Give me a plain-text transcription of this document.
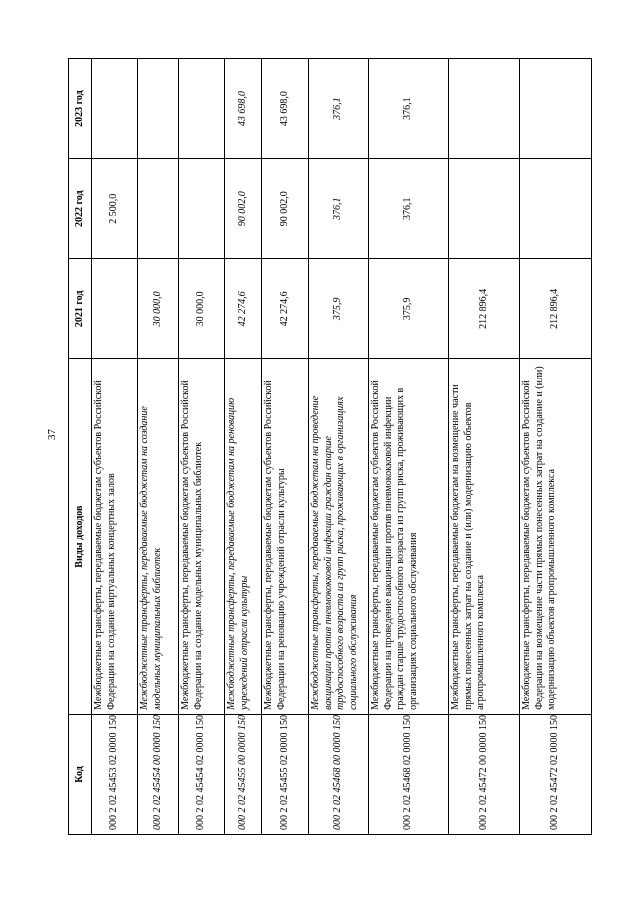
37
Код	Виды доходов	2021 год	2022 год	2023 год
000 2 02 45453 02 0000 150	Межбюджетные трансферты, передаваемые бюджетам субъектов Российской Федерации на создание виртуальных концертных залов		2 500,0	
000 2 02 45454 00 0000 150	Межбюджетные трансферты, передаваемые бюджетам на создание модельных муниципальных библиотек	30 000,0		
000 2 02 45454 02 0000 150	Межбюджетные трансферты, передаваемые бюджетам субъектов Российской Федерации на создание модельных муниципальных библиотек	30 000,0		
000 2 02 45455 00 0000 150	Межбюджетные трансферты, передаваемые бюджетам на реновацию учреждений отрасли культуры	42 274,6	90 002,0	43 698,0
000 2 02 45455 02 0000 150	Межбюджетные трансферты, передаваемые бюджетам субъектов Российской Федерации на реновацию учреждений отрасли культуры	42 274,6	90 002,0	43 698,0
000 2 02 45468 00 0000 150	Межбюджетные трансферты, передаваемые бюджетам на проведение вакцинации против пневмококковой инфекции граждан старше трудоспособного возраста из групп риска, проживающих в организациях социального обслуживания	375,9	376,1	376,1
000 2 02 45468 02 0000 150	Межбюджетные трансферты, передаваемые бюджетам субъектов Российской Федерации на проведение вакцинации против пневмококковой инфекции граждан старше трудоспособного возраста из групп риска, проживающих в организациях социального обслуживания	375,9	376,1	376,1
000 2 02 45472 00 0000 150	Межбюджетные трансферты, передаваемые бюджетам на возмещение части прямых понесенных затрат на создание и (или) модернизацию объектов агропромышленного комплекса	212 896,4		
000 2 02 45472 02 0000 150	Межбюджетные трансферты, передаваемые бюджетам субъектов Российской Федерации на возмещение части прямых понесенных затрат на создание и (или) модернизацию объектов агропромышленного комплекса	212 896,4		
